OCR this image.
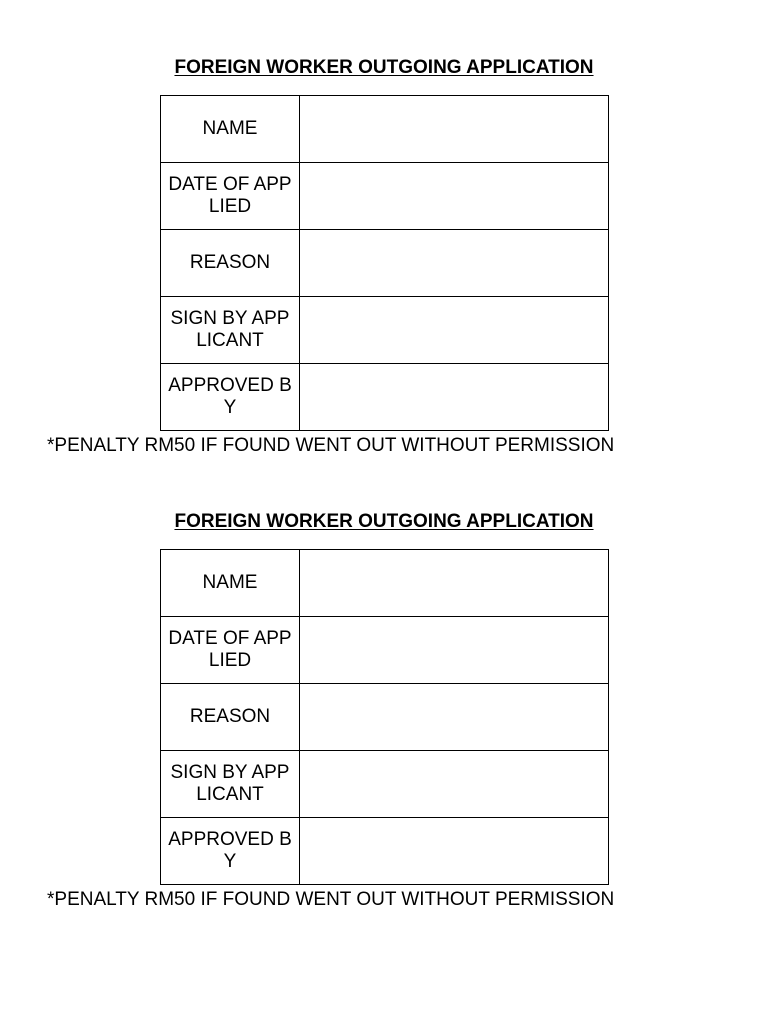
FOREIGN WORKER OUTGOING APPLICATION
NAME	
DATE OF APPLIED	
REASON	
SIGN BY APPLICANT	
APPROVED BY	
*PENALTY RM50 IF FOUND WENT OUT WITHOUT PERMISSION
FOREIGN WORKER OUTGOING APPLICATION
NAME	
DATE OF APPLIED	
REASON	
SIGN BY APPLICANT	
APPROVED BY	
*PENALTY RM50 IF FOUND WENT OUT WITHOUT PERMISSION
